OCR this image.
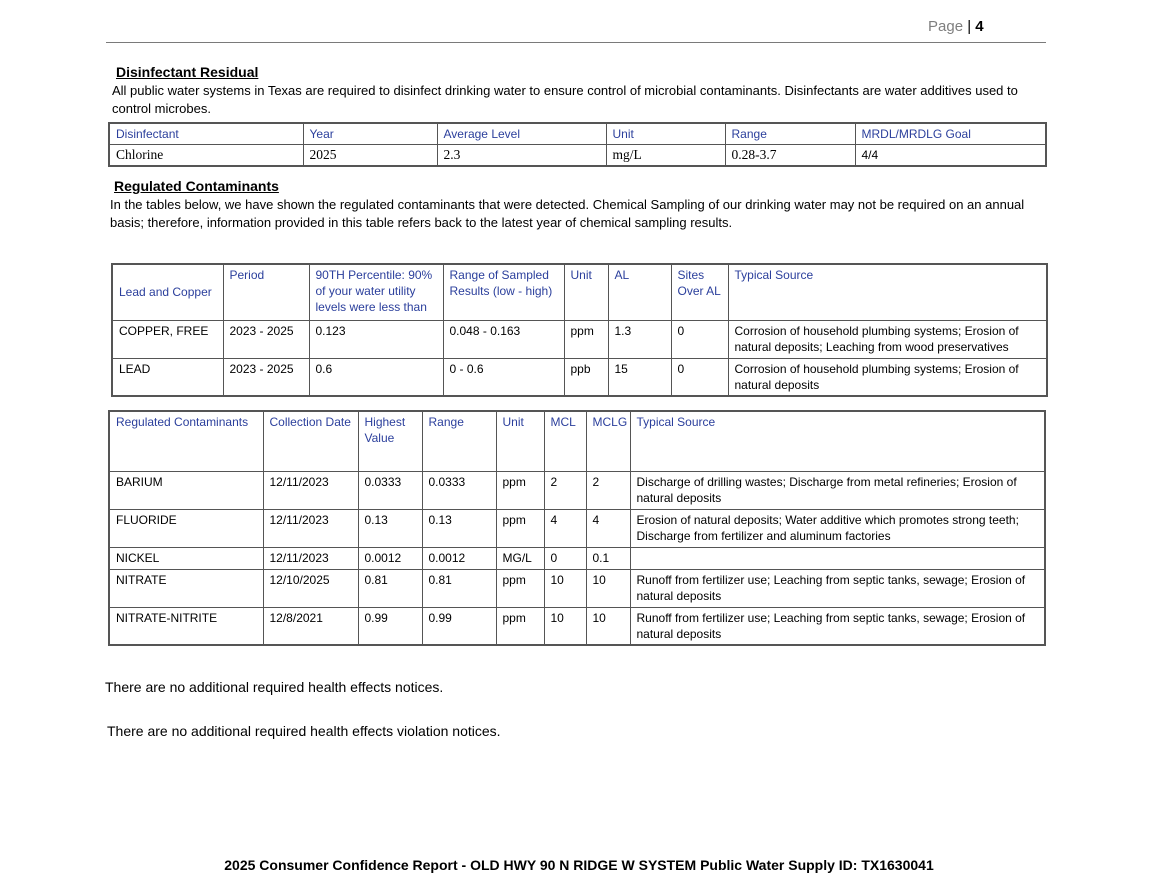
Page | 4
Disinfectant Residual
All public water systems in Texas are required to disinfect drinking water to ensure control of microbial contaminants. Disinfectants are water additives used to control microbes.
Disinfectant	Year	Average Level	Unit	Range	MRDL/MRDLG Goal
Chlorine	2025	2.3	mg/L	0.28-3.7	4/4
Regulated Contaminants
In the tables below, we have shown the regulated contaminants that were detected. Chemical Sampling of our drinking water may not be required on an annual basis; therefore, information provided in this table refers back to the latest year of chemical sampling results.
Lead and Copper	Period	90TH Percentile: 90% of your water utility levels were less than	Range of Sampled Results (low - high)	Unit	AL	Sites Over AL	Typical Source
COPPER, FREE	2023 - 2025	0.123	0.048 - 0.163	ppm	1.3	0	Corrosion of household plumbing systems; Erosion of natural deposits; Leaching from wood preservatives
LEAD	2023 - 2025	0.6	0 - 0.6	ppb	15	0	Corrosion of household plumbing systems; Erosion of natural deposits
Regulated Contaminants	Collection Date	Highest Value	Range	Unit	MCL	MCLG	Typical Source
BARIUM	12/11/2023	0.0333	0.0333	ppm	2	2	Discharge of drilling wastes; Discharge from metal refineries; Erosion of natural deposits
FLUORIDE	12/11/2023	0.13	0.13	ppm	4	4	Erosion of natural deposits; Water additive which promotes strong teeth; Discharge from fertilizer and aluminum factories
NICKEL	12/11/2023	0.0012	0.0012	MG/L	0	0.1	
NITRATE	12/10/2025	0.81	0.81	ppm	10	10	Runoff from fertilizer use; Leaching from septic tanks, sewage; Erosion of natural deposits
NITRATE-NITRITE	12/8/2021	0.99	0.99	ppm	10	10	Runoff from fertilizer use; Leaching from septic tanks, sewage; Erosion of natural deposits
There are no additional required health effects notices.
There are no additional required health effects violation notices.
2025 Consumer Confidence Report - OLD HWY 90 N RIDGE W SYSTEM Public Water Supply ID: TX1630041
